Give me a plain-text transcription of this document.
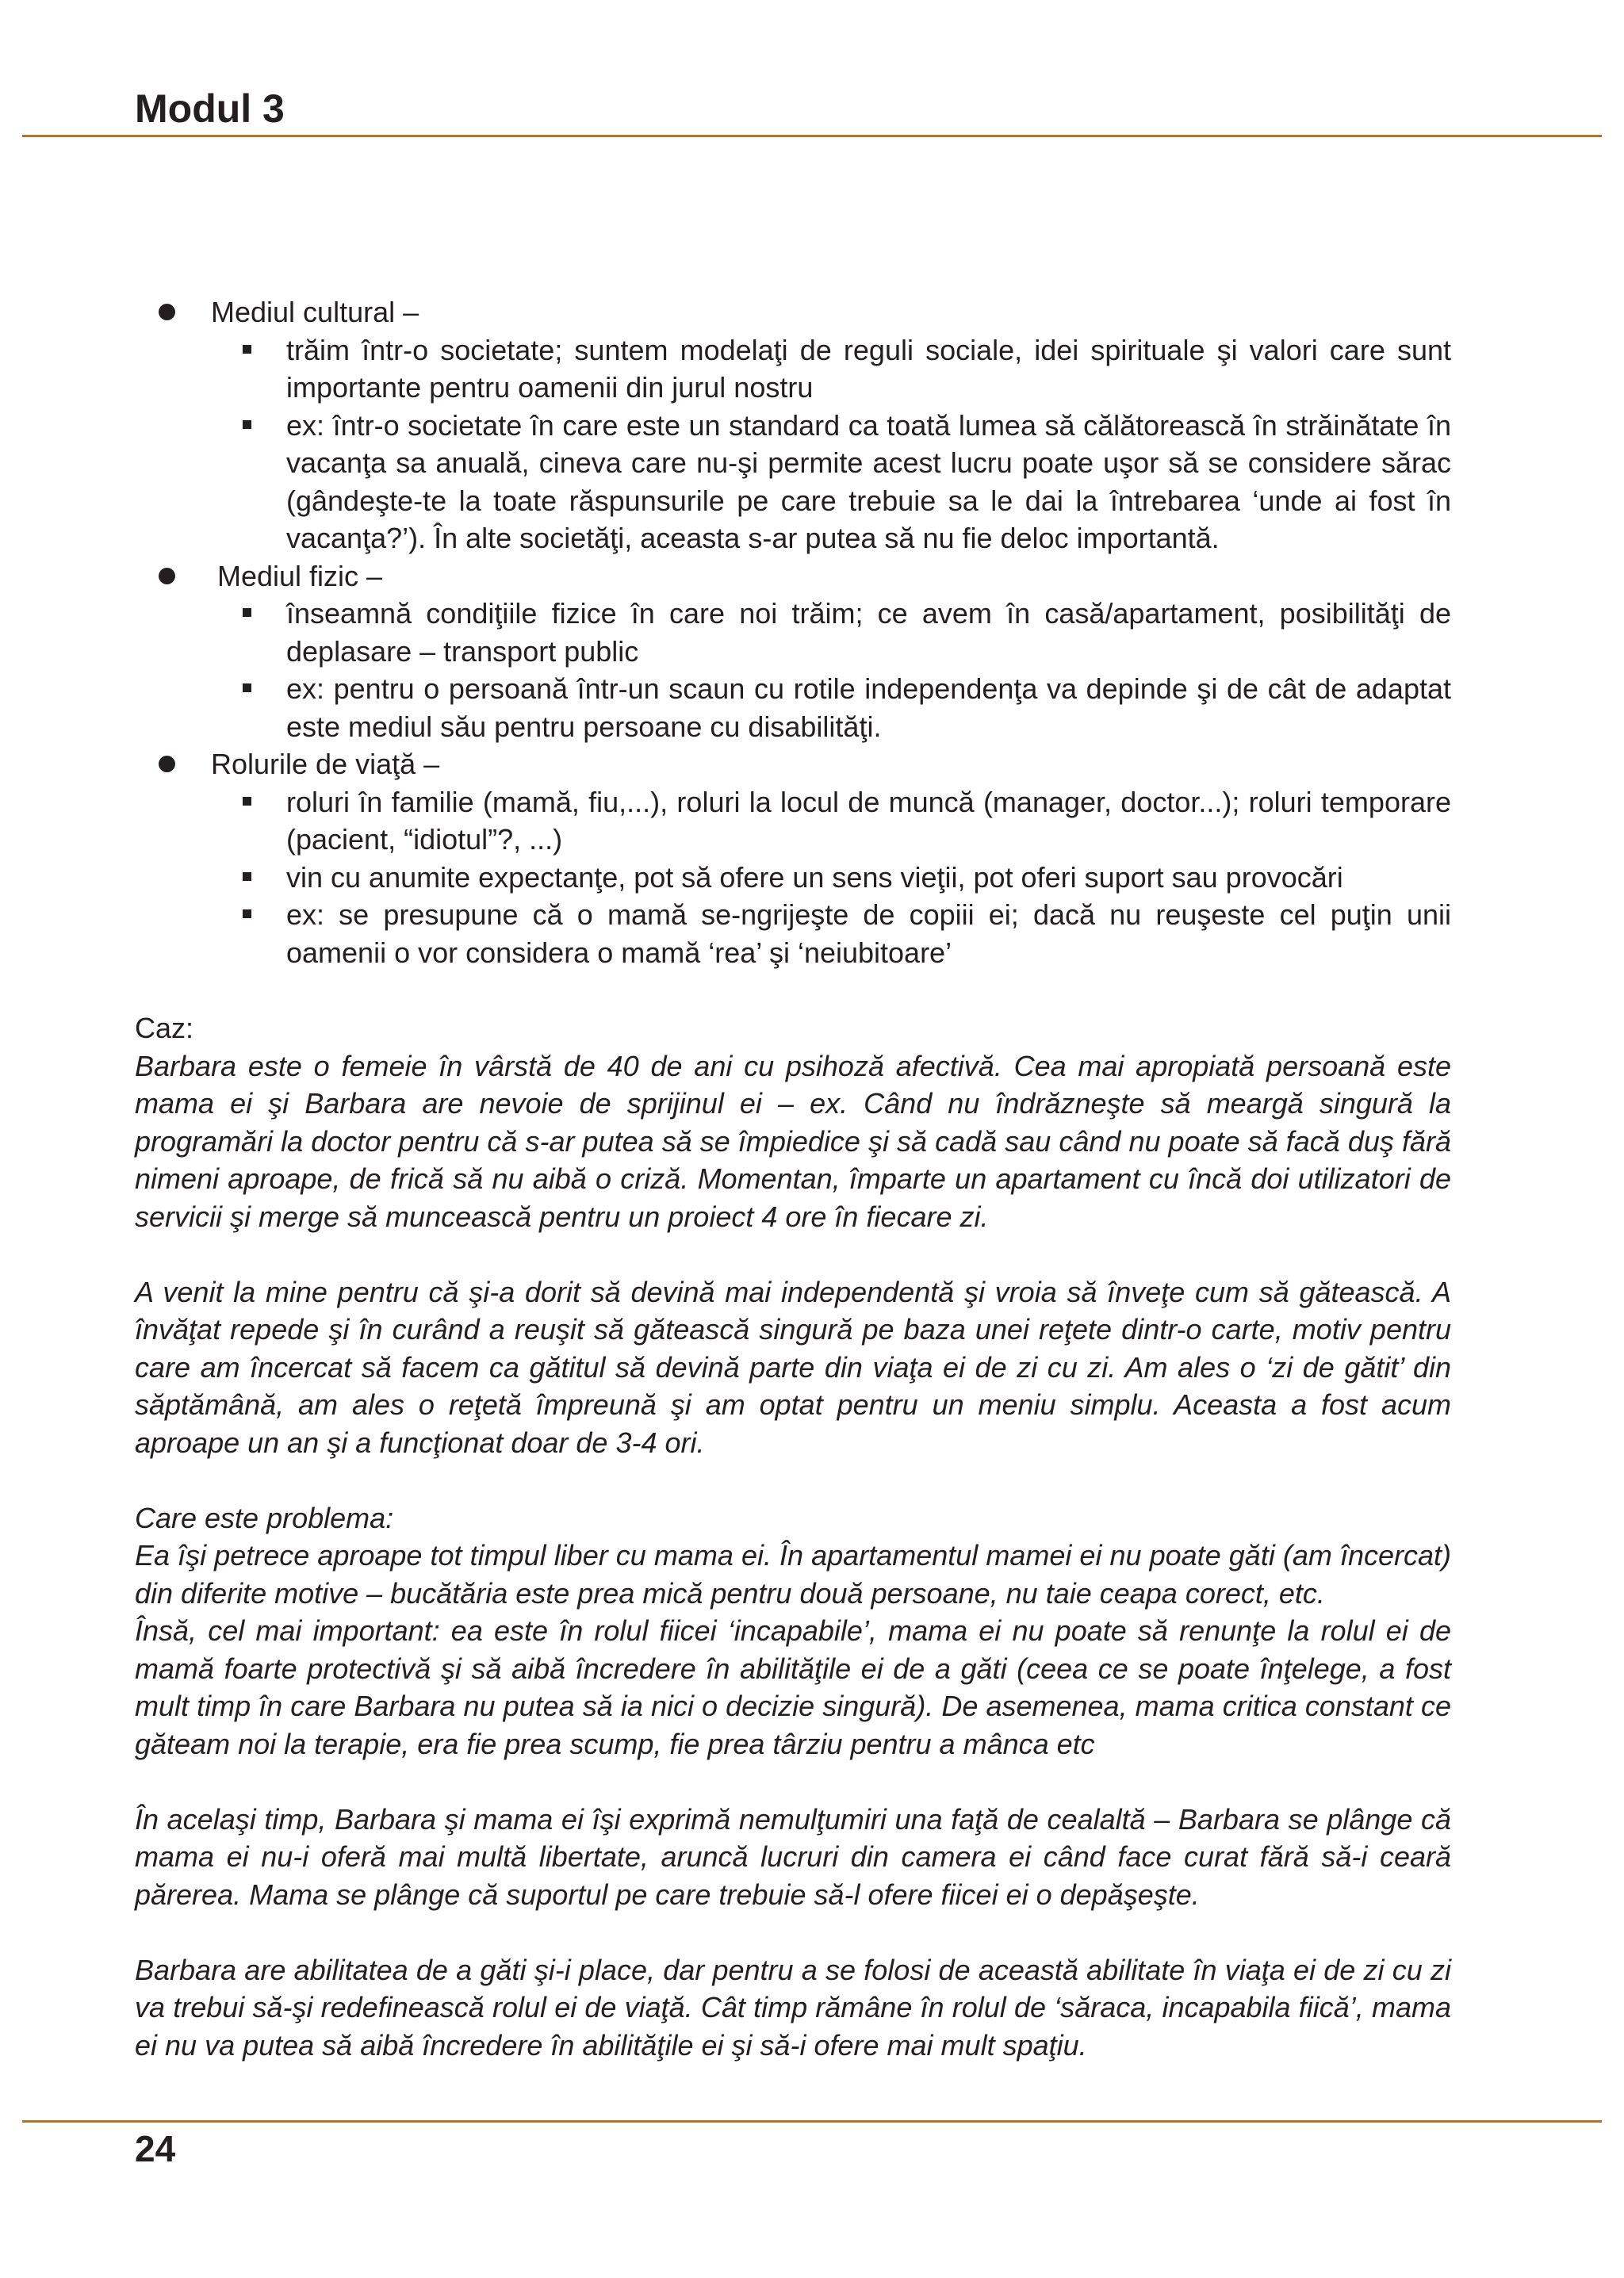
Modul 3
Mediul cultural –
trăim într-o societate; suntem modelaţi de reguli sociale, idei spirituale şi valori care sunt importante pentru oamenii din jurul nostru
ex: într-o societate în care este un standard ca toată lumea să călătorească în străinătate în vacanţa sa anuală, cineva care nu-şi permite acest lucru poate uşor să se considere sărac (gândeşte-te la toate răspunsurile pe care trebuie sa le dai la întrebarea ‘unde ai fost în vacanţa?’). În alte societăţi, aceasta s-ar putea să nu fie deloc importantă.
Mediul fizic –
înseamnă condiţiile fizice în care noi trăim; ce avem în casă/apartament, posibilităţi de deplasare – transport public
ex: pentru o persoană într-un scaun cu rotile independenţa va depinde şi de cât de adaptat este mediul său pentru persoane cu disabilităţi.
Rolurile de viaţă –
roluri în familie (mamă, fiu,...), roluri la locul de muncă (manager, doctor...); roluri temporare (pacient, “idiotul”?, ...)
vin cu anumite expectanţe, pot să ofere un sens vieţii, pot oferi suport sau provocări
ex: se presupune că o mamă se-ngrijeşte de copiii ei; dacă nu reuşeste cel puţin unii oamenii o vor considera o mamă ‘rea’ şi ‘neiubitoare’

Caz:

Barbara este o femeie în vârstă de 40 de ani cu psihoză afectivă. Cea mai apropiată persoană este mama ei şi Barbara are nevoie de sprijinul ei – ex. Când nu îndrăzneşte să meargă singură la programări la doctor pentru că s-ar putea să se împiedice şi să cadă sau când nu poate să facă duş fără nimeni aproape, de frică să nu aibă o criză. Momentan, împarte un apartament cu încă doi utilizatori de servicii şi merge să muncească pentru un proiect 4 ore în fiecare zi.

A venit la mine pentru că şi-a dorit să devină mai independentă şi vroia să înveţe cum să gătească. A învăţat repede şi în curând a reuşit să gătească singură pe baza unei reţete dintr-o carte, motiv pentru care am încercat să facem ca gătitul să devină parte din viaţa ei de zi cu zi. Am ales o ‘zi de gătit’ din săptămână, am ales o reţetă împreună şi am optat pentru un meniu simplu. Aceasta a fost acum aproape un an şi a funcţionat doar de 3-4 ori.

Care este problema:

Ea îşi petrece aproape tot timpul liber cu mama ei. În apartamentul mamei ei nu poate găti (am încercat) din diferite motive – bucătăria este prea mică pentru două persoane, nu taie ceapa corect, etc.

Însă, cel mai important: ea este în rolul fiicei ‘incapabile’, mama ei nu poate să renunţe la rolul ei de mamă foarte protectivă şi să aibă încredere în abilităţile ei de a găti (ceea ce se poate înţelege, a fost mult timp în care Barbara nu putea să ia nici o decizie singură). De asemenea, mama critica constant ce găteam noi la terapie, era fie prea scump, fie prea târziu pentru a mânca etc

În acelaşi timp, Barbara şi mama ei îşi exprimă nemulţumiri una faţă de cealaltă – Barbara se plânge că mama ei nu-i oferă mai multă libertate, aruncă lucruri din camera ei când face curat fără să-i ceară părerea. Mama se plânge că suportul pe care trebuie să-l ofere fiicei ei o depăşeşte.

Barbara are abilitatea de a găti şi-i place, dar pentru a se folosi de această abilitate în viaţa ei de zi cu zi va trebui să-şi redefinească rolul ei de viaţă. Cât timp rămâne în rolul de ‘săraca, incapabila fiică’, mama ei nu va putea să aibă încredere în abilităţile ei şi să-i ofere mai mult spaţiu.

24
